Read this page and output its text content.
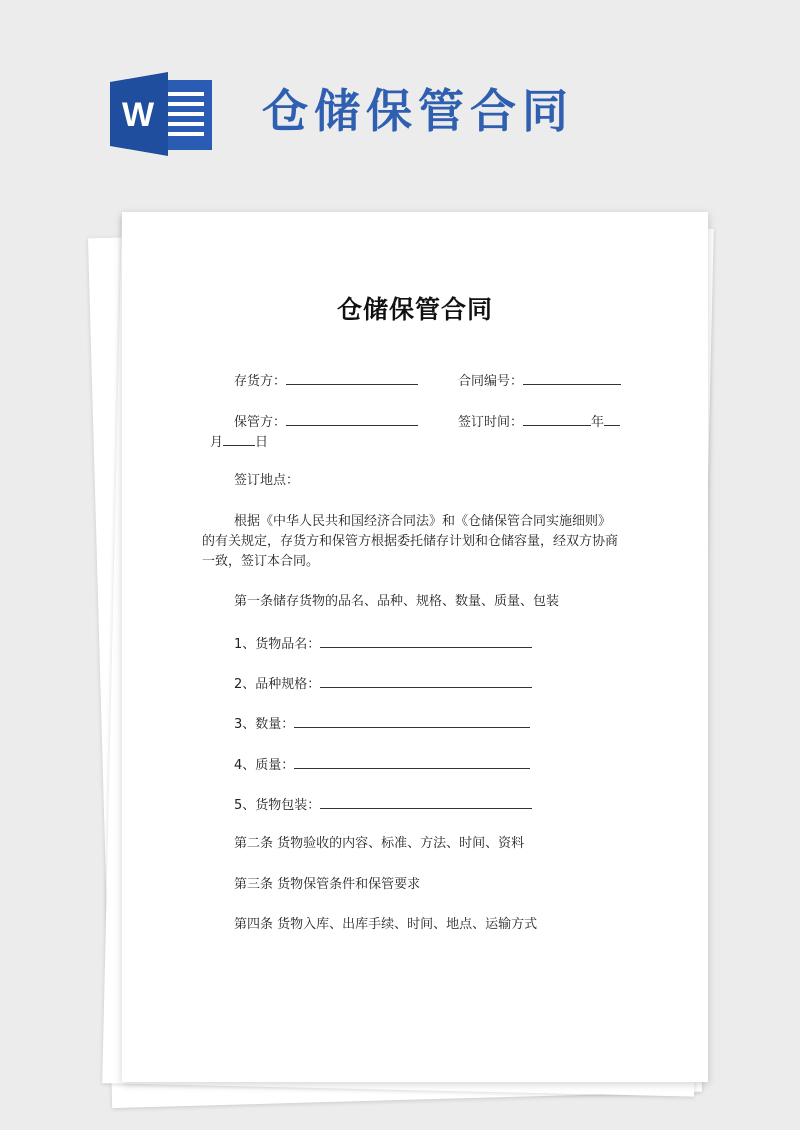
W 仓储保管合同
仓储保管合同
存货方：	合同编号：
保管方：	签订时间：	年
月 日
签订地点：
根据《中华人民共和国经济合同法》和《仓储保管合同实施细则》的有关规定，存货方和保管方根据委托储存计划和仓储容量，经双方协商一致，签订本合同。
第一条储存货物的品名、品种、规格、数量、质量、包装
1、货物品名：
2、品种规格：
3、数量：
4、质量：
5、货物包装：
第二条 货物验收的内容、标准、方法、时间、资料
第三条 货物保管条件和保管要求
第四条 货物入库、出库手续、时间、地点、运输方式
